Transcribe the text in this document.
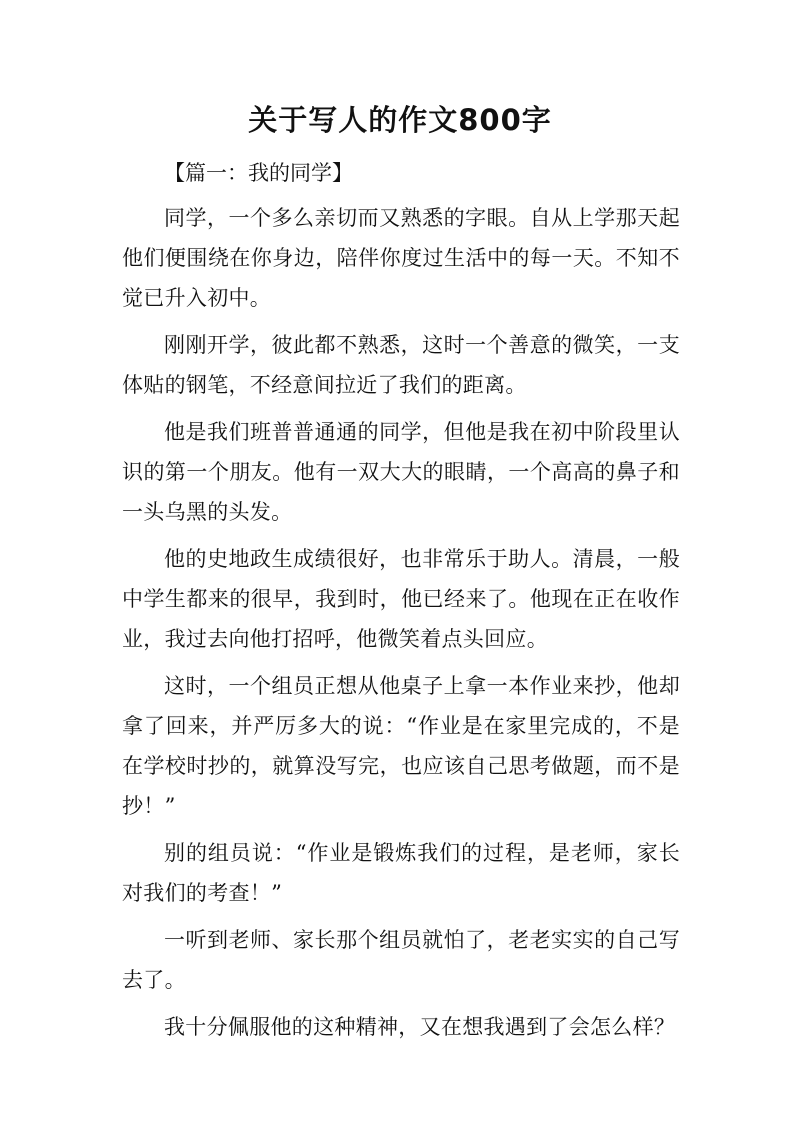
关于写人的作文800字

【篇一：我的同学】

同学，一个多么亲切而又熟悉的字眼。自从上学那天起他们便围绕在你身边，陪伴你度过生活中的每一天。不知不觉已升入初中。

刚刚开学，彼此都不熟悉，这时一个善意的微笑，一支体贴的钢笔，不经意间拉近了我们的距离。

他是我们班普普通通的同学，但他是我在初中阶段里认识的第一个朋友。他有一双大大的眼睛，一个高高的鼻子和一头乌黑的头发。

他的史地政生成绩很好，也非常乐于助人。清晨，一般中学生都来的很早，我到时，他已经来了。他现在正在收作业，我过去向他打招呼，他微笑着点头回应。

这时，一个组员正想从他桌子上拿一本作业来抄，他却拿了回来，并严厉多大的说：“作业是在家里完成的，不是在学校时抄的，就算没写完，也应该自己思考做题，而不是抄！”

别的组员说：“作业是锻炼我们的过程，是老师，家长对我们的考查！”

一听到老师、家长那个组员就怕了，老老实实的自己写去了。

我十分佩服他的这种精神，又在想我遇到了会怎么样？
